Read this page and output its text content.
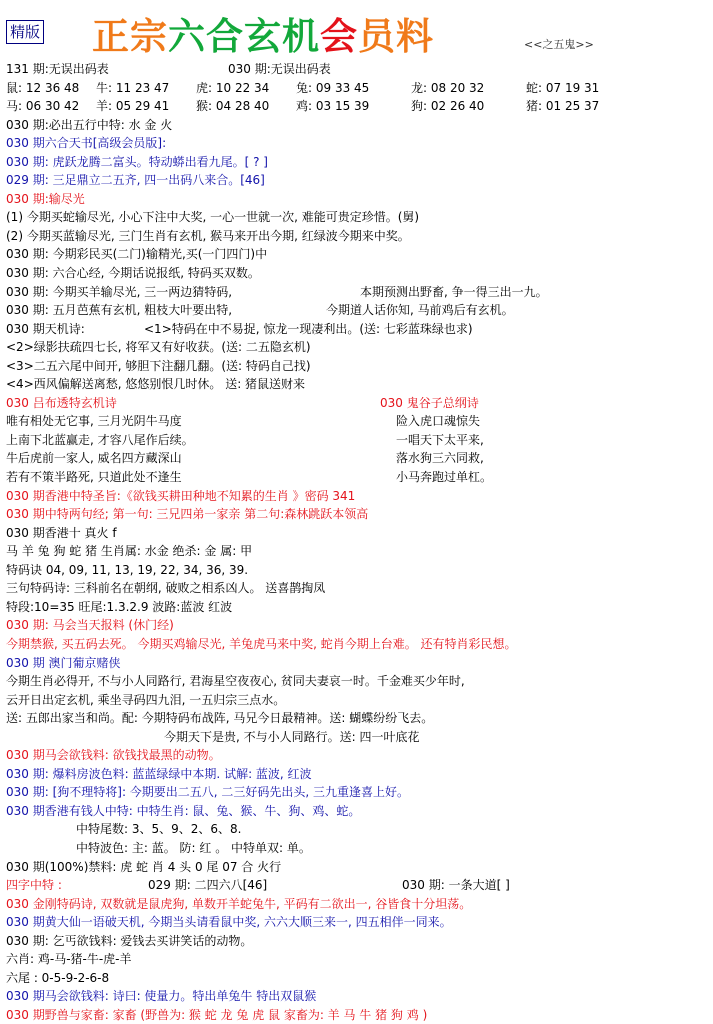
精版 正宗六合玄机会员料	<<之五鬼>>
131 期:无误出码表	030 期:无误出码表
鼠: 12 36 48 牛: 11 23 47 虎: 10 22 34 兔: 09 33 45	龙: 08 20 32	蛇: 07 19 31
马: 06 30 42 羊: 05 29 41 猴: 04 28 40 鸡: 03 15 39	狗: 02 26 40	猪: 01 25 37
030 期:必出五行中特: 水 金 火
030 期六合天书[高级会员版]:
030 期: 虎跃龙腾二富头。特动蟒出看九尾。[ ? ]
029 期: 三足鼎立二五齐, 四一出码八来合。[46]
030 期:输尽光
(1) 今期买蛇输尽光, 小心下注中大奖, 一心一世就一次, 难能可贵定珍惜。(舅)
(2) 今期买蓝输尽光, 三门生肖有玄机, 猴马来开出今期, 红绿波今期来中奖。
030 期: 今期彩民买(二门)输精光,买(一门四门)中
030 期: 六合心经, 今期话说报纸, 特码买双数。
030 期: 今期买羊输尽光, 三一两边猜特码,	本期预测出野畜, 争一得三出一九。
030 期: 五月芭蕉有玄机, 粗枝大叶要出特,	今期道人话你知, 马前鸡后有玄机。
030 期天机诗:	<1>特码在中不易捉, 惊龙一现凄利出。(送: 七彩蓝珠绿也求)
<2>绿影扶疏四七长, 将军又有好收获。(送: 二五隐玄机)
<3>二五六尾中间开, 够胆下注翻几翻。(送: 特码自己找)
<4>西风偏解送离愁, 悠悠别恨几时休。 送: 猪鼠送财来
030 吕布透特玄机诗	030 鬼谷子总纲诗
唯有相处无它事, 三月光阴牛马度	险入虎口魂惊失
上南下北蓝赢走, 才容八尾作后续。	一唱天下太平来,
牛后虎前一家人, 威名四方藏深山	落水狗三六同救,
若有不策半路死, 只道此处不逢生	小马奔跑过单杠。
030 期香港中特圣旨:《欲钱买耕田种地不知累的生肖 》密码 341
030 期中特两句经; 第一句: 三兄四弟一家亲 第二句:森林跳跃本领高
030 期香港十 真火 f
马 羊 兔 狗 蛇 猪 生肖属: 水金 绝杀: 金 属: 甲
特码诀 04, 09, 11, 13, 19, 22, 34, 36, 39.
三句特码诗: 三科前名在朝纲, 破败之相系凶人。 送喜鹊掏凤
特段:10=35 旺尾:1.3.2.9 波路:蓝波 红波
030 期: 马会当天报料 (休门经)
今期禁猴, 买五码去死。 今期买鸡输尽光, 羊兔虎马来中奖, 蛇肖今期上台难。 还有特肖彩民想。
030 期 澳门葡京赌侠
今期生肖必得开, 不与小人同路行, 君海星空夜夜心, 贫同夫妻哀一时。千金难买少年时,
云开日出定玄机, 乘坐寻码四九泪, 一五归宗三点水。
送: 五郎出家当和尚。配: 今期特码布战阵, 马兄今日最精神。送: 蝴蝶纷纷飞去。
今期天下是贵, 不与小人同路行。送: 四一叶底花
030 期马会欲钱料: 欲钱找最黑的动物。
030 期: 爆料房波色料: 蓝蓝绿绿中本期. 试解: 蓝波, 红波
030 期: [狗不理特将]: 今期要出二五八, 二三好码先出头, 三九重逢喜上好。
030 期香港有钱人中特: 中特生肖: 鼠、兔、猴、牛、狗、鸡、蛇。
中特尾数: 3、5、9、2、6、8.
中特波色: 主: 蓝。 防: 红 。 中特单双: 单。
030 期(100%)禁料: 虎 蛇 肖 4 头 0 尾 07 合 火行
四字中特 :	029 期: 二四六八[46]	030 期: 一条大道[ ]
030 金刚特码诗, 双数就是鼠虎狗, 单数开羊蛇兔牛, 平码有二欲出一, 谷皆食十分坦荡。
030 期黄大仙一语破天机, 今期当头请看鼠中奖, 六六大顺三来一, 四五相伴一同来。
030 期: 乞丐欲钱料: 爱钱去买讲笑话的动物。
六肖: 鸡-马-猪-牛-虎-羊
六尾 : 0-5-9-2-6-8
030 期马会欲钱料: 诗曰: 使量力。特出单兔牛 特出双鼠猴
030 期野兽与家畜: 家畜 (野兽为: 猴 蛇 龙 兔 虎 鼠 家畜为: 羊 马 牛 猪 狗 鸡 )
